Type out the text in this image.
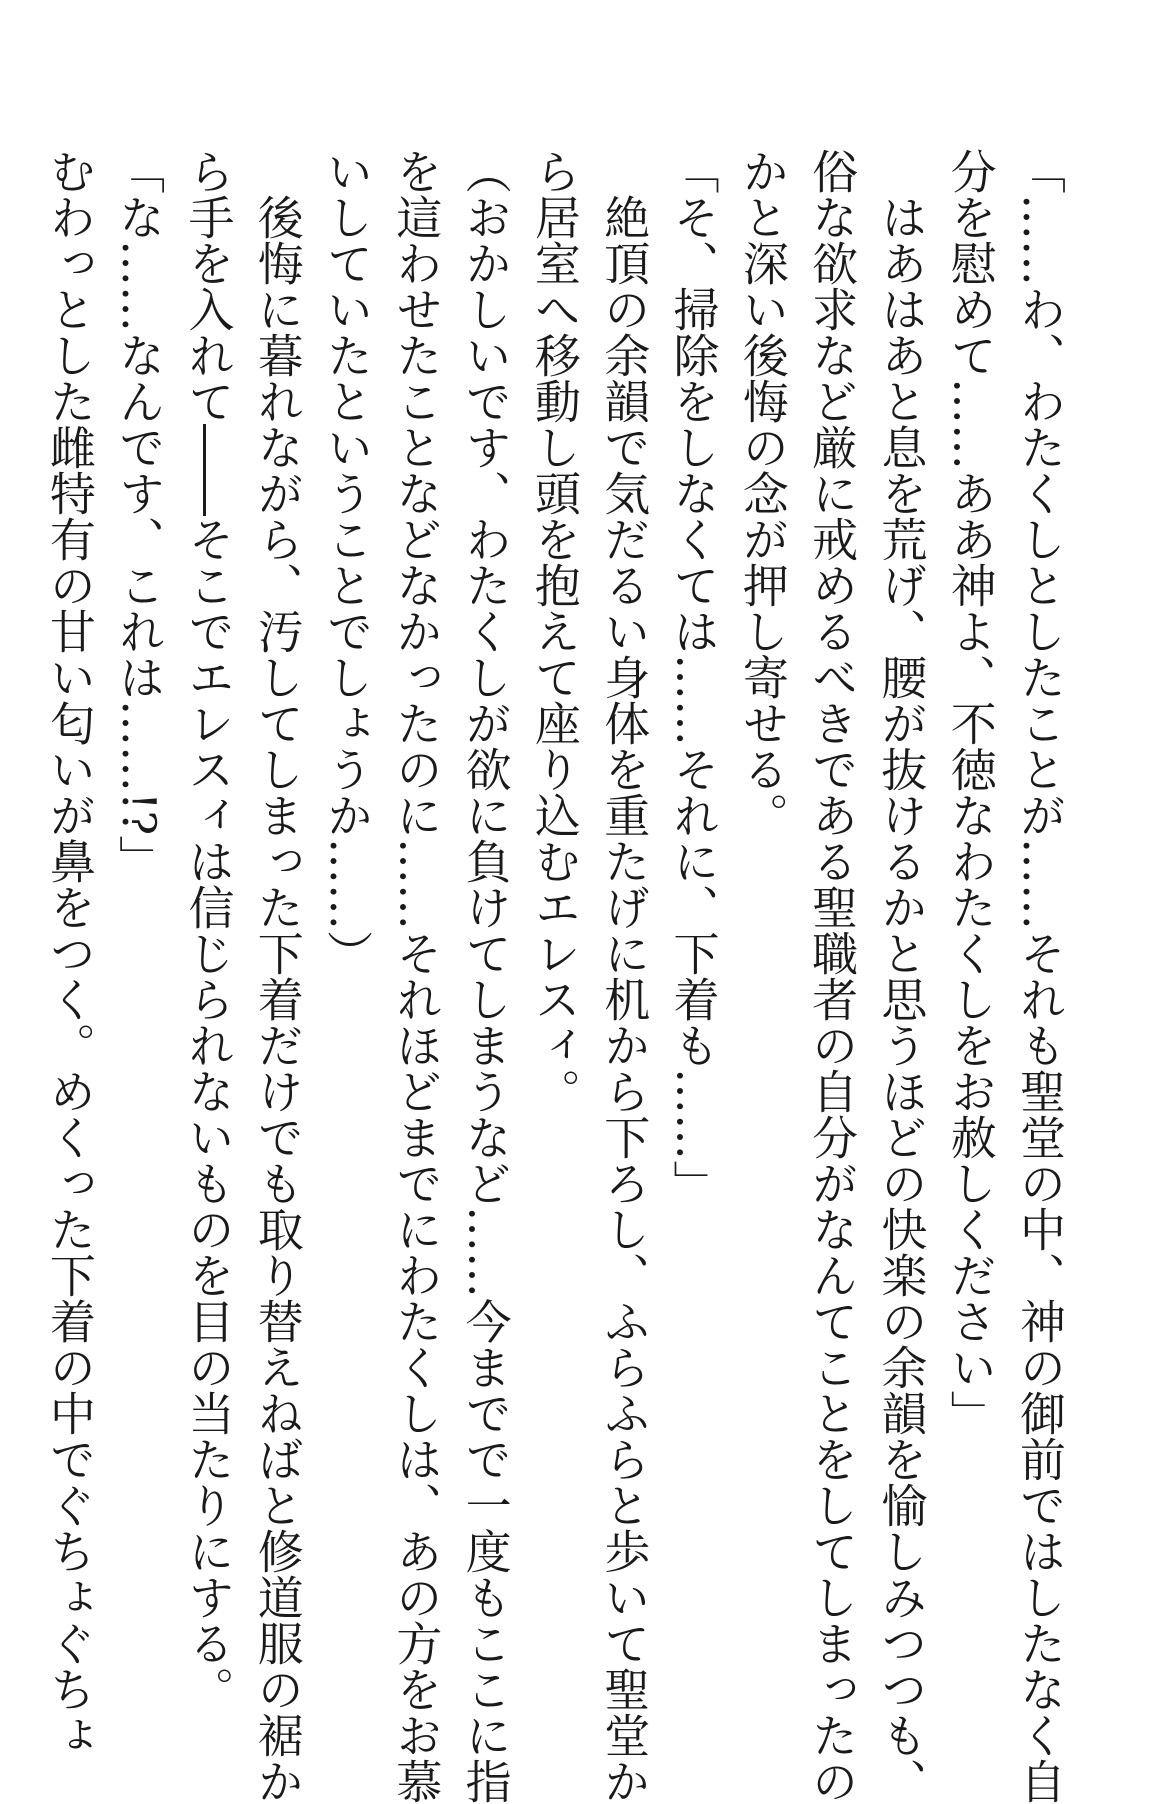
「……わ、わたくしとしたことが……それも聖堂の中、神の御前ではしたなく自
分を慰めて……ああ神よ、不徳なわたくしをお赦しください」
はあはあと息を荒げ、腰が抜けるかと思うほどの快楽の余韻を愉しみつつも、
俗な欲求など厳に戒めるべきである聖職者の自分がなんてことをしてしまったの
かと深い後悔の念が押し寄せる。
「そ、掃除をしなくては……それに、下着も……」
絶頂の余韻で気だるい身体を重たげに机から下ろし、ふらふらと歩いて聖堂か
ら居室へ移動し頭を抱えて座り込むエレスィ。
（おかしいです、わたくしが欲に負けてしまうなど……今までで一度もここに指
を這わせたことなどなかったのに……それほどまでにわたくしは、あの方をお慕
いしていたということでしょうか……）
後悔に暮れながら、汚してしまった下着だけでも取り替えねばと修道服の裾か
ら手を入れて――そこでエレスィは信じられないものを目の当たりにする。
「な……なんです、これは……!?」
むわっとした雌特有の甘い匂いが鼻をつく。めくった下着の中でぐちょぐちょ
